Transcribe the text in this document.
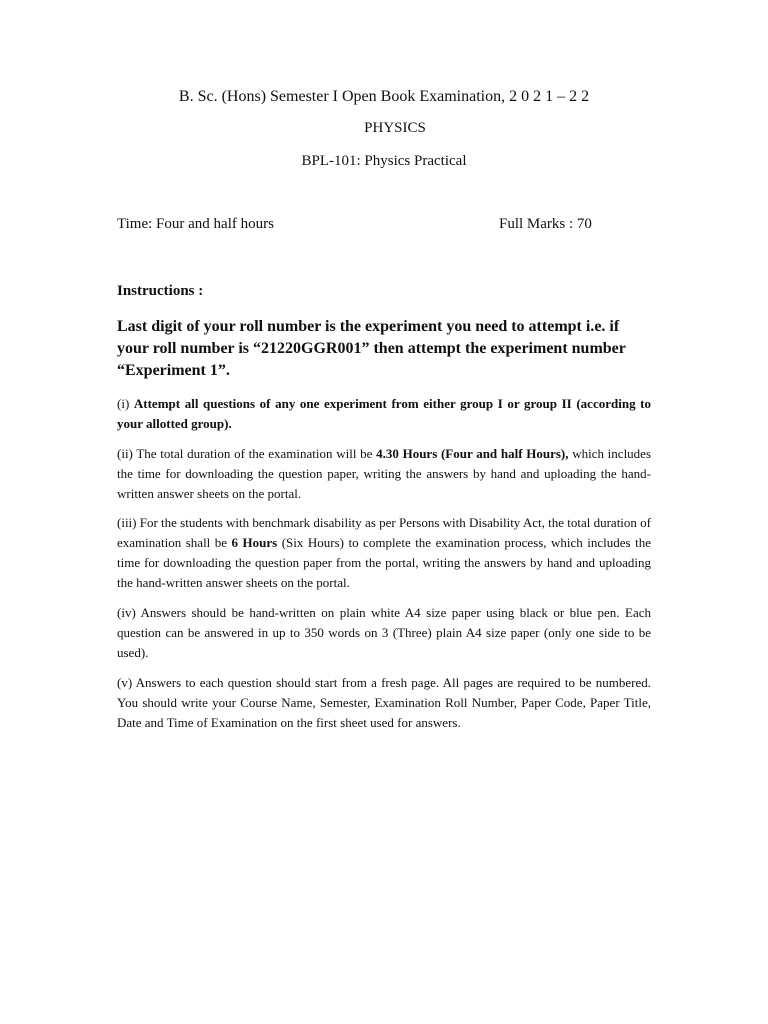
B. Sc. (Hons) Semester I Open Book Examination, 2 0 2 1 – 2 2

PHYSICS

BPL-101: Physics Practical

Time: Four and half hours	Full Marks : 70

Instructions :

Last digit of your roll number is the experiment you need to attempt i.e. if your roll number is “21220GGR001” then attempt the experiment number “Experiment 1”.

(i) Attempt all questions of any one experiment from either group I or group II (according to your allotted group).

(ii) The total duration of the examination will be 4.30 Hours (Four and half Hours), which includes the time for downloading the question paper, writing the answers by hand and uploading the hand-written answer sheets on the portal.

(iii) For the students with benchmark disability as per Persons with Disability Act, the total duration of examination shall be 6 Hours (Six Hours) to complete the examination process, which includes the time for downloading the question paper from the portal, writing the answers by hand and uploading the hand-written answer sheets on the portal.

(iv) Answers should be hand-written on plain white A4 size paper using black or blue pen. Each question can be answered in up to 350 words on 3 (Three) plain A4 size paper (only one side to be used).

(v) Answers to each question should start from a fresh page. All pages are required to be numbered. You should write your Course Name, Semester, Examination Roll Number, Paper Code, Paper Title, Date and Time of Examination on the first sheet used for answers.
